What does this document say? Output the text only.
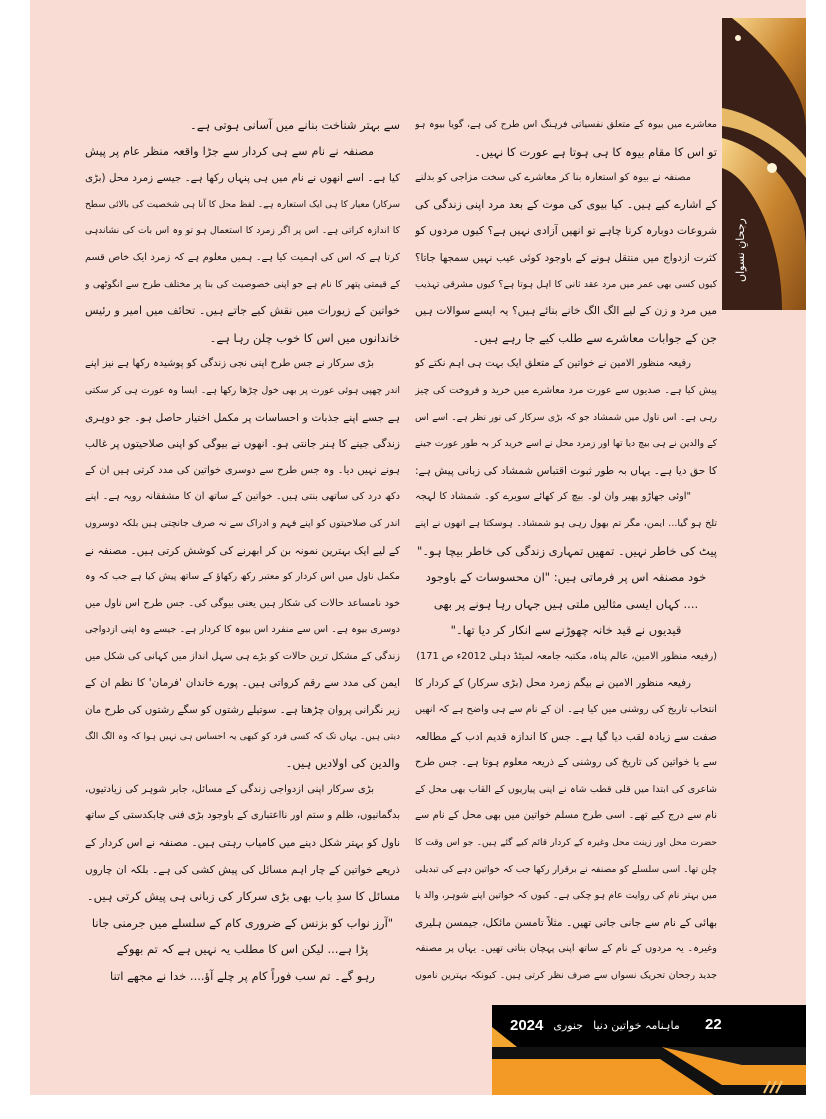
رجحانِ نسواں
معاشرے میں بیوہ کے متعلق نفسیاتی فرہنگ اس طرح کی ہے، گویا بیوہ ہو
تو اس کا مقام بیوہ کا ہی ہوتا ہے عورت کا نہیں۔
مصنفہ نے بیوہ کو استعارہ بنا کر معاشرے کی سخت مزاجی کو بدلنے
کے اشارے کیے ہیں۔ کیا بیوی کی موت کے بعد مرد اپنی زندگی کی
شروعات دوبارہ کرنا چاہے تو انھیں آزادی نہیں ہے؟ کیوں مردوں کو
کثرت ازدواج میں منتقل ہونے کے باوجود کوئی عیب نہیں سمجھا جاتا؟
کیوں کسی بھی عمر میں مرد عقد ثانی کا اہل ہوتا ہے؟ کیوں مشرقی تہذیب
میں مرد و زن کے لیے الگ الگ خانے بنائے ہیں؟ یہ ایسے سوالات ہیں
جن کے جوابات معاشرے سے طلب کیے جا رہے ہیں۔
رفیعہ منظور الامین نے خواتین کے متعلق ایک بہت ہی اہم نکتے کو
پیش کیا ہے۔ صدیوں سے عورت مرد معاشرے میں خرید و فروخت کی چیز
رہی ہے۔ اس ناول میں شمشاد جو کہ بڑی سرکار کی نور نظر ہے۔ اسے اس
کے والدین نے ہی بیچ دیا تھا اور زمرد محل نے اسے خرید کر بہ طور عورت جینے
کا حق دیا ہے۔ یہاں بہ طور ثبوت اقتباس شمشاد کی زبانی پیش ہے:
"اوئی جھاڑو پھیر وان لو۔ بیچ کر کھائے سویرے کو۔ شمشاد کا لہجہ
تلخ ہو گیا... ایمن، مگر تم بھول رہی ہو شمشاد۔ ہوسکتا ہے انھوں نے اپنے
پیٹ کی خاطر نہیں۔ تمھیں تمہاری زندگی کی خاطر بیچا ہو۔"
خود مصنفہ اس پر فرماتی ہیں: "ان محسوسات کے باوجود
.... کہاں ایسی مثالیں ملتی ہیں جہاں رہا ہونے پر بھی
قیدیوں نے قید خانہ چھوڑنے سے انکار کر دیا تھا۔"
(رفیعہ منظور الامین، عالم پناہ، مکتبہ جامعہ لمیٹڈ دہلی 2012ء ص 171)
رفیعہ منظور الامین نے بیگم زمرد محل (بڑی سرکار) کے کردار کا
انتخاب تاریخ کی روشنی میں کیا ہے۔ ان کے نام سے ہی واضح ہے کہ انھیں
صفت سے زیادہ لقب دیا گیا ہے۔ جس کا اندازہ قدیم ادب کے مطالعہ
سے یا خواتین کی تاریخ کی روشنی کے ذریعہ معلوم ہوتا ہے۔ جس طرح
شاعری کی ابتدا میں قلی قطب شاہ نے اپنی پیاریوں کے القاب بھی محل کے
نام سے درج کیے تھے۔ اسی طرح مسلم خواتین میں بھی محل کے نام سے
حضرت محل اور زینت محل وغیرہ کے کردار قائم کیے گئے ہیں۔ جو اس وقت کا
چلن تھا۔ اسی سلسلے کو مصنفہ نے برقرار رکھا جب کہ خواتین دہے کی تبدیلی
میں بہتر نام کی روایت عام ہو چکی ہے۔ کیوں کہ خواتین اپنے شوہر، والد یا
بھائی کے نام سے جانی جاتی تھیں۔ مثلاً تامسن مائکل، جیمسن ہلیری
وغیرہ۔ یہ مردوں کے نام کے ساتھ اپنی پہچان بناتی تھیں۔ یہاں پر مصنفہ
جدید رجحان تحریک نسواں سے صرف نظر کرتی ہیں۔ کیونکہ بہترین ناموں
سے بہتر شناخت بنانے میں آسانی ہوتی ہے۔
مصنفہ نے نام سے ہی کردار سے جڑا واقعہ منظر عام پر پیش
کیا ہے۔ اسے انھوں نے نام میں ہی پنہاں رکھا ہے۔ جیسے زمرد محل (بڑی
سرکار) معیار کا ہی ایک استعارہ ہے۔ لفظ محل کا آنا ہی شخصیت کی بالائی سطح
کا اندازہ کراتی ہے۔ اس پر اگر زمرد کا استعمال ہو تو وہ اس بات کی نشاندہی
کرتا ہے کہ اس کی اہمیت کیا ہے۔ ہمیں معلوم ہے کہ زمرد ایک خاص قسم
کے قیمتی پتھر کا نام ہے جو اپنی خصوصیت کی بنا پر مختلف طرح سے انگوٹھی و
خواتین کے زیورات میں نقش کیے جاتے ہیں۔ تحائف میں امیر و رئیس
خاندانوں میں اس کا خوب چلن رہا ہے۔
بڑی سرکار نے جس طرح اپنی نجی زندگی کو پوشیدہ رکھا ہے نیز اپنے
اندر چھپی ہوئی عورت پر بھی خول چڑھا رکھا ہے۔ ایسا وہ عورت ہی کر سکتی
ہے جسے اپنے جذبات و احساسات پر مکمل اختیار حاصل ہو۔ جو دوہری
زندگی جینے کا ہنر جانتی ہو۔ انھوں نے بیوگی کو اپنی صلاحیتوں پر غالب
ہونے نہیں دیا۔ وہ جس طرح سے دوسری خواتین کی مدد کرتی ہیں ان کے
دکھ درد کی ساتھی بنتی ہیں۔ خواتین کے ساتھ ان کا مشفقانہ رویہ ہے۔ اپنے
اندر کی صلاحیتوں کو اپنے فہم و ادراک سے نہ صرف جانچتی ہیں بلکہ دوسروں
کے لیے ایک بہترین نمونہ بن کر ابھرنے کی کوشش کرتی ہیں۔ مصنفہ نے
مکمل ناول میں اس کردار کو معتبر رکھ رکھاؤ کے ساتھ پیش کیا ہے جب کہ وہ
خود نامساعد حالات کی شکار ہیں یعنی بیوگی کی۔ جس طرح اس ناول میں
دوسری بیوہ ہے۔ اس سے منفرد اس بیوہ کا کردار ہے۔ جیسے وہ اپنی ازدواجی
زندگی کے مشکل ترین حالات کو بڑے ہی سہل انداز میں کہانی کی شکل میں
ایمن کی مدد سے رقم کرواتی ہیں۔ پورے خاندان 'فرمان' کا نظم ان کے
زیر نگرانی پروان چڑھتا ہے۔ سوتیلے رشتوں کو سگے رشتوں کی طرح مان
دیتی ہیں۔ یہاں تک کہ کسی فرد کو کبھی یہ احساس ہی نہیں ہوا کہ وہ الگ الگ
والدین کی اولادیں ہیں۔
بڑی سرکار اپنی ازدواجی زندگی کے مسائل، جابر شوہر کی زیادتیوں،
بدگمانیوں، ظلم و ستم اور نااعتباری کے باوجود بڑی فنی چابکدستی کے ساتھ
ناول کو بہتر شکل دینے میں کامیاب رہتی ہیں۔ مصنفہ نے اس کردار کے
ذریعے خواتین کے چار اہم مسائل کی پیش کشی کی ہے۔ بلکہ ان چاروں
مسائل کا سدِ باب بھی بڑی سرکار کی زبانی ہی پیش کرتی ہیں۔
"آرز نواب کو بزنس کے ضروری کام کے سلسلے میں جرمنی جانا
پڑا ہے... لیکن اس کا مطلب یہ نہیں ہے کہ تم بھوکے
رہو گے۔ تم سب فوراً کام پر چلے آؤ.... خدا نے مجھے اتنا
2024 جنوری ماہنامہ خواتین دنیا 22
